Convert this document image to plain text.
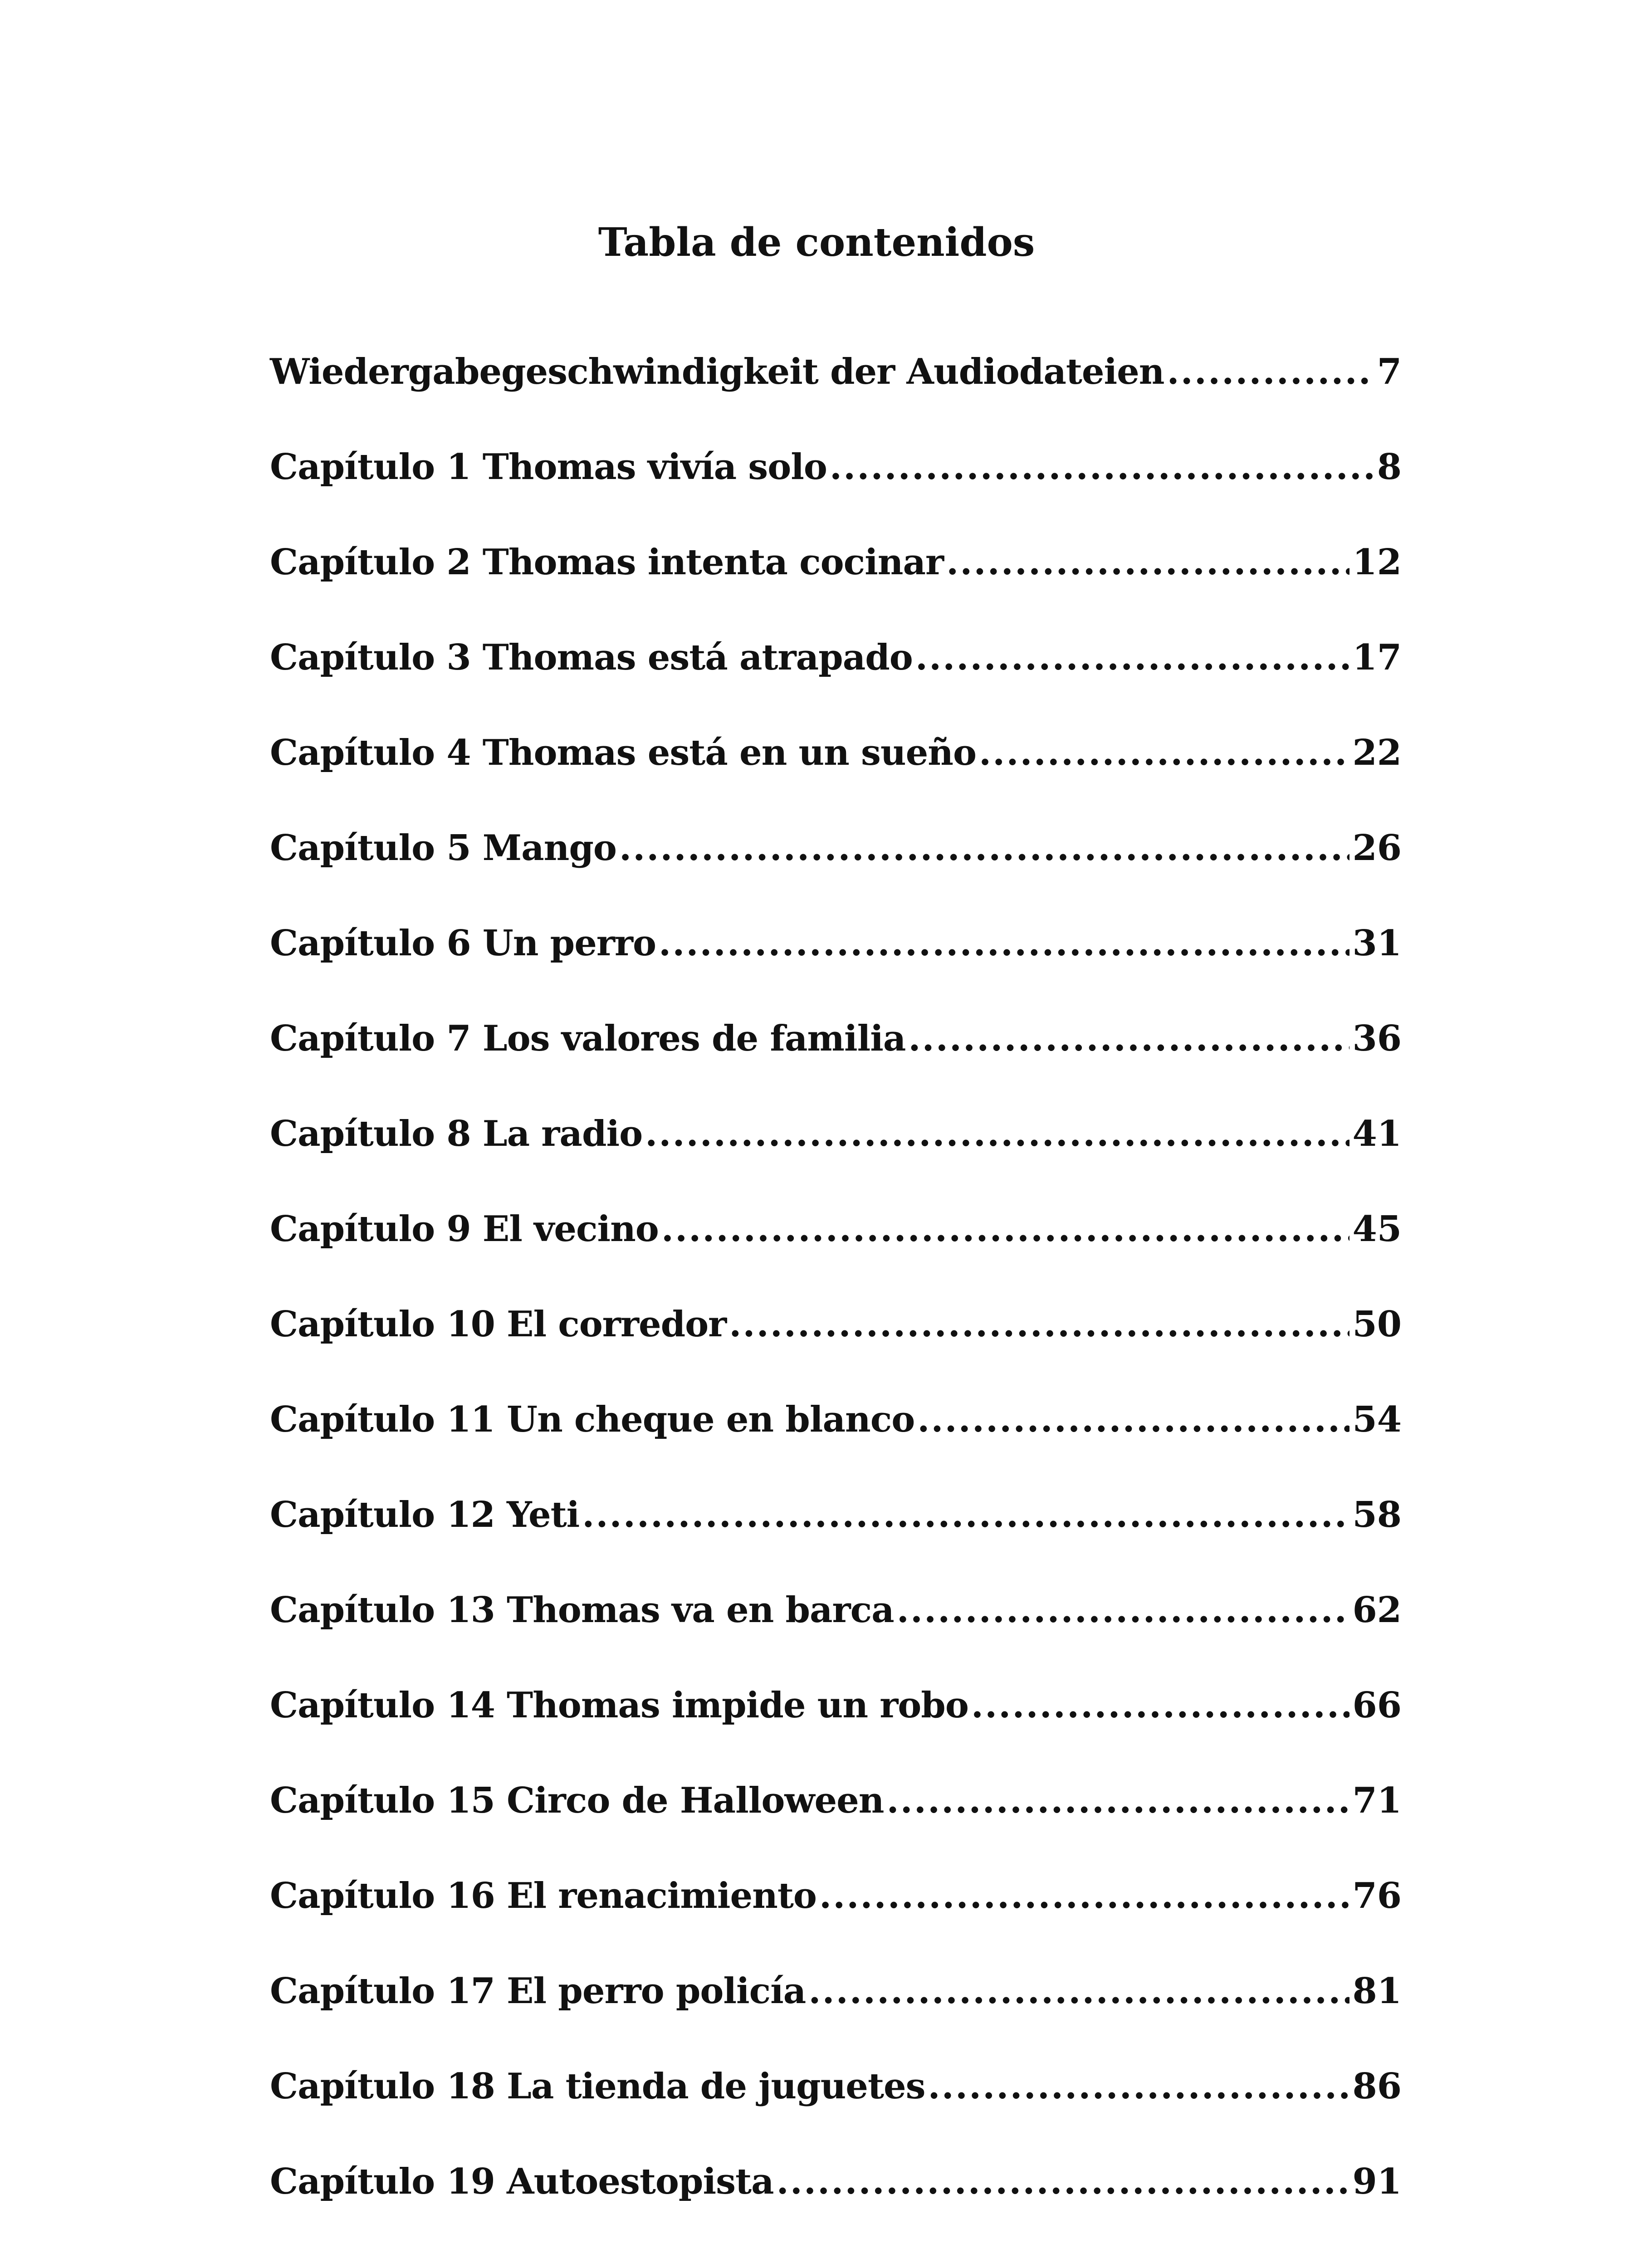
Tabla de contenidos
Wiedergabegeschwindigkeit der Audiodateien .....	7
Capítulo 1 Thomas vivía solo .....	8
Capítulo 2 Thomas intenta cocinar .....	12
Capítulo 3 Thomas está atrapado .....	17
Capítulo 4 Thomas está en un sueño .....	22
Capítulo 5 Mango .....	26
Capítulo 6 Un perro .....	31
Capítulo 7 Los valores de familia .....	36
Capítulo 8 La radio .....	41
Capítulo 9 El vecino .....	45
Capítulo 10 El corredor .....	50
Capítulo 11 Un cheque en blanco .....	54
Capítulo 12 Yeti .....	58
Capítulo 13 Thomas va en barca .....	62
Capítulo 14 Thomas impide un robo .....	66
Capítulo 15 Circo de Halloween .....	71
Capítulo 16 El renacimiento .....	76
Capítulo 17 El perro policía .....	81
Capítulo 18 La tienda de juguetes .....	86
Capítulo 19 Autoestopista .....	91
